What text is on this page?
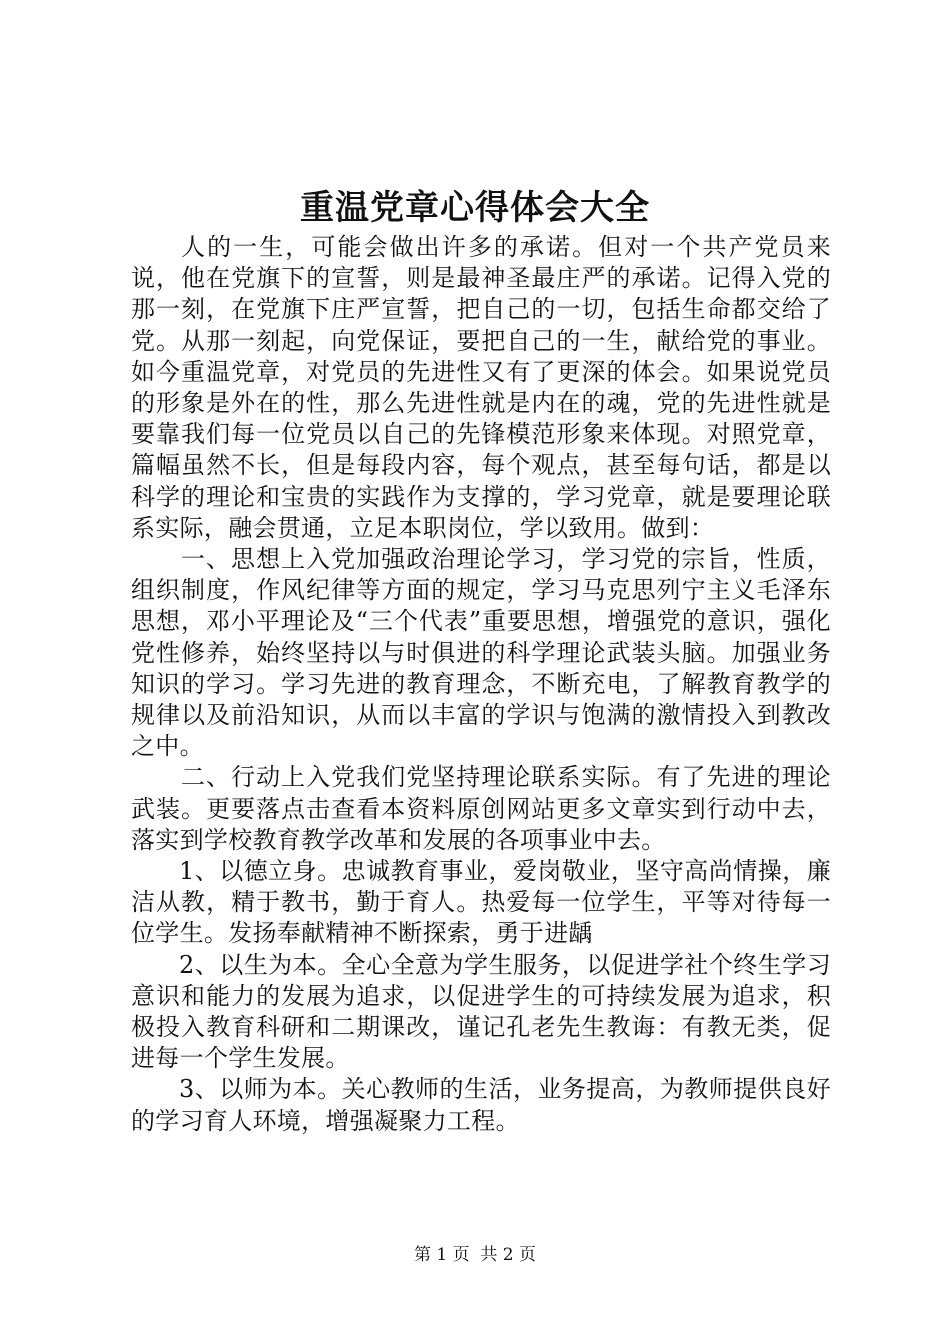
重温党章心得体会大全

人的一生，可能会做出许多的承诺。但对一个共产党员来说，他在党旗下的宣誓，则是最神圣最庄严的承诺。记得入党的那一刻，在党旗下庄严宣誓，把自己的一切，包括生命都交给了党。从那一刻起，向党保证，要把自己的一生，献给党的事业。如今重温党章，对党员的先进性又有了更深的体会。如果说党员的形象是外在的性，那么先进性就是内在的魂，党的先进性就是要靠我们每一位党员以自己的先锋模范形象来体现。对照党章，篇幅虽然不长，但是每段内容，每个观点，甚至每句话，都是以科学的理论和宝贵的实践作为支撑的，学习党章，就是要理论联系实际，融会贯通，立足本职岗位，学以致用。做到：

一、思想上入党加强政治理论学习，学习党的宗旨，性质，组织制度，作风纪律等方面的规定，学习马克思列宁主义毛泽东思想，邓小平理论及“三个代表”重要思想，增强党的意识，强化党性修养，始终坚持以与时俱进的科学理论武装头脑。加强业务知识的学习。学习先进的教育理念，不断充电，了解教育教学的规律以及前沿知识，从而以丰富的学识与饱满的激情投入到教改之中。

二、行动上入党我们党坚持理论联系实际。有了先进的理论武装。更要落点击查看本资料原创网站更多文章实到行动中去，落实到学校教育教学改革和发展的各项事业中去。

1、以德立身。忠诚教育事业，爱岗敬业，坚守高尚情操，廉洁从教，精于教书，勤于育人。热爱每一位学生，平等对待每一位学生。发扬奉献精神不断探索，勇于进龋

2、以生为本。全心全意为学生服务，以促进学社个终生学习意识和能力的发展为追求，以促进学生的可持续发展为追求，积极投入教育科研和二期课改，谨记孔老先生教诲：有教无类，促进每一个学生发展。

3、以师为本。关心教师的生活，业务提高，为教师提供良好的学习育人环境，增强凝聚力工程。

第 1 页  共 2 页
